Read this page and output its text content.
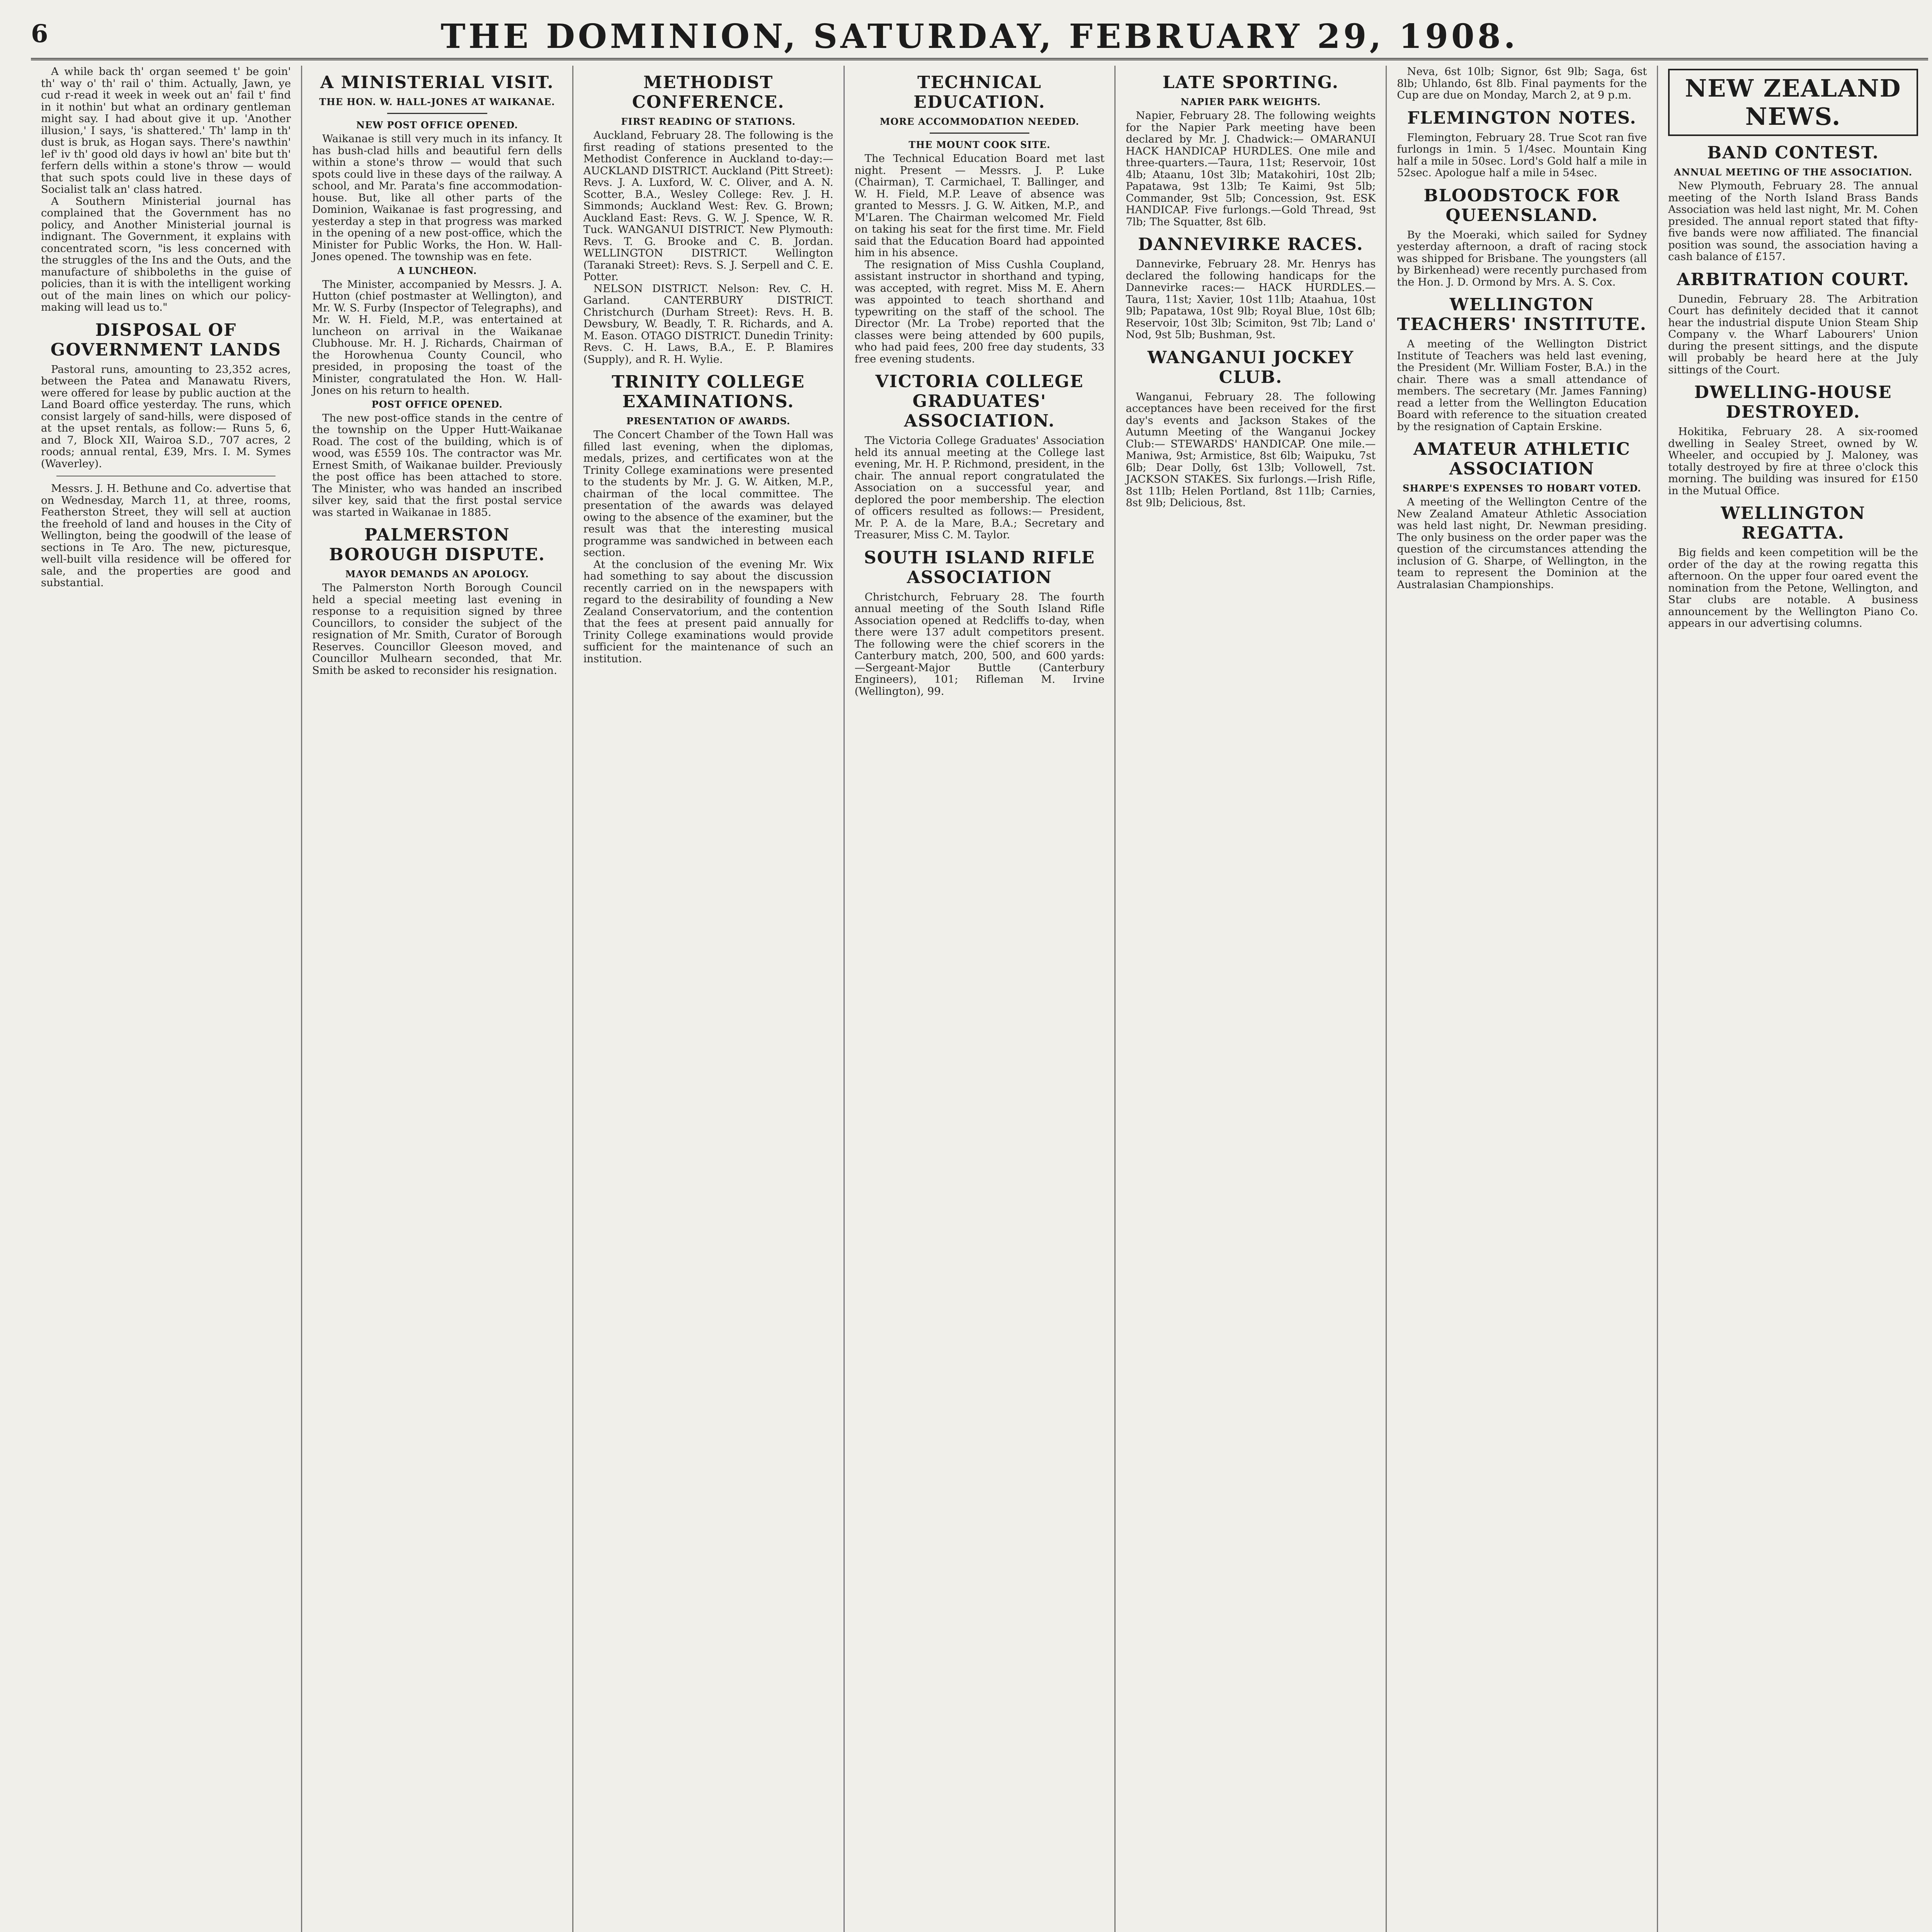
6	THE DOMINION, SATURDAY, FEBRUARY 29, 1908.

A while back th' organ seemed t' be goin' th' way o' th' rail o' thim. Actually, Jawn, ye cud r-read it week in week out an' fail t' find in it nothin' but what an ordinary gentleman might say. I had about give it up. 'Another illusion,' I says, 'is shattered.' Th' lamp in th' dust is bruk, as Hogan says. There's nawthin' lef' iv th' good old days iv howl an' bite but th' ferfern dells within a stone's throw — would that such spots could live in these days of Socialist talk an' class hatred.

A Southern Ministerial journal has complained that the Government has no policy, and Another Ministerial journal is indignant. The Government, it explains with concentrated scorn, "is less concerned with the struggles of the Ins and the Outs, and the manufacture of shibboleths in the guise of policies, than it is with the intelligent working out of the main lines on which our policy-making will lead us to."

DISPOSAL OF GOVERNMENT LANDS

Pastoral runs, amounting to 23,352 acres, between the Patea and Manawatu Rivers, were offered for lease by public auction at the Land Board office yesterday. The runs, which consist largely of sand-hills, were disposed of at the upset rentals, as follow:— Runs 5, 6, and 7, Block XII, Wairoa S.D., 707 acres, 2 roods; annual rental, £39, Mrs. I. M. Symes (Waverley).

Messrs. J. H. Bethune and Co. advertise that on Wednesday, March 11, at three, rooms, Featherston Street, they will sell at auction the freehold of land and houses in the City of Wellington, being the goodwill of the lease of sections in Te Aro. The new, picturesque, well-built villa residence will be offered for sale, and the properties are good and substantial.

A MINISTERIAL VISIT.
THE HON. W. HALL-JONES AT WAIKANAE.
NEW POST OFFICE OPENED.

Waikanae is still very much in its infancy. It has bush-clad hills and beautiful fern dells within a stone's throw — would that such spots could live in these days of the railway. A school, and Mr. Parata's fine accommodation-house. But, like all other parts of the Dominion, Waikanae is fast progressing, and yesterday a step in that progress was marked in the opening of a new post-office, which the Minister for Public Works, the Hon. W. Hall-Jones opened. The township was en fete.

A LUNCHEON.

The Minister, accompanied by Messrs. J. A. Hutton (chief postmaster at Wellington), and Mr. W. S. Furby (Inspector of Telegraphs), and Mr. W. H. Field, M.P., was entertained at luncheon on arrival in the Waikanae Clubhouse. Mr. H. J. Richards, Chairman of the Horowhenua County Council, who presided, in proposing the toast of the Minister, congratulated the Hon. W. Hall-Jones on his return to health.

POST OFFICE OPENED.

The new post-office stands in the centre of the township on the Upper Hutt-Waikanae Road. The cost of the building, which is of wood, was £559 10s. The contractor was Mr. Ernest Smith, of Waikanae builder. Previously the post office has been attached to store. The Minister, who was handed an inscribed silver key, said that the first postal service was started in Waikanae in 1885.

PALMERSTON BOROUGH DISPUTE.
MAYOR DEMANDS AN APOLOGY.

The Palmerston North Borough Council held a special meeting last evening in response to a requisition signed by three Councillors, to consider the subject of the resignation of Mr. Smith, Curator of Borough Reserves. Councillor Gleeson moved, and Councillor Mulhearn seconded, that Mr. Smith be asked to reconsider his resignation.

METHODIST CONFERENCE.
FIRST READING OF STATIONS.

Auckland, February 28. The following is the first reading of stations presented to the Methodist Conference in Auckland to-day:— AUCKLAND DISTRICT. Auckland (Pitt Street): Revs. J. A. Luxford, W. C. Oliver, and A. N. Scotter, B.A., Wesley College: Rev. J. H. Simmonds; Auckland West: Rev. G. Brown; Auckland East: Revs. G. W. J. Spence, W. R. Tuck. WANGANUI DISTRICT. New Plymouth: Revs. T. G. Brooke and C. B. Jordan. WELLINGTON DISTRICT. Wellington (Taranaki Street): Revs. S. J. Serpell and C. E. Potter.

NELSON DISTRICT. Nelson: Rev. C. H. Garland. CANTERBURY DISTRICT. Christchurch (Durham Street): Revs. H. B. Dewsbury, W. Beadly, T. R. Richards, and A. M. Eason. OTAGO DISTRICT. Dunedin Trinity: Revs. C. H. Laws, B.A., E. P. Blamires (Supply), and R. H. Wylie.

TRINITY COLLEGE EXAMINATIONS.
PRESENTATION OF AWARDS.

The Concert Chamber of the Town Hall was filled last evening, when the diplomas, medals, prizes, and certificates won at the Trinity College examinations were presented to the students by Mr. J. G. W. Aitken, M.P., chairman of the local committee. The presentation of the awards was delayed owing to the absence of the examiner, but the result was that the interesting musical programme was sandwiched in between each section.

At the conclusion of the evening Mr. Wix had something to say about the discussion recently carried on in the newspapers with regard to the desirability of founding a New Zealand Conservatorium, and the contention that the fees at present paid annually for Trinity College examinations would provide sufficient for the maintenance of such an institution.

TECHNICAL EDUCATION.
MORE ACCOMMODATION NEEDED.
THE MOUNT COOK SITE.

The Technical Education Board met last night. Present — Messrs. J. P. Luke (Chairman), T. Carmichael, T. Ballinger, and W. H. Field, M.P. Leave of absence was granted to Messrs. J. G. W. Aitken, M.P., and M'Laren. The Chairman welcomed Mr. Field on taking his seat for the first time. Mr. Field said that the Education Board had appointed him in his absence.

The resignation of Miss Cushla Coupland, assistant instructor in shorthand and typing, was accepted, with regret. Miss M. E. Ahern was appointed to teach shorthand and typewriting on the staff of the school. The Director (Mr. La Trobe) reported that the classes were being attended by 600 pupils, who had paid fees, 200 free day students, 33 free evening students.

VICTORIA COLLEGE GRADUATES' ASSOCIATION.

The Victoria College Graduates' Association held its annual meeting at the College last evening, Mr. H. P. Richmond, president, in the chair. The annual report congratulated the Association on a successful year, and deplored the poor membership. The election of officers resulted as follows:— President, Mr. P. A. de la Mare, B.A.; Secretary and Treasurer, Miss C. M. Taylor.

SOUTH ISLAND RIFLE ASSOCIATION

Christchurch, February 28. The fourth annual meeting of the South Island Rifle Association opened at Redcliffs to-day, when there were 137 adult competitors present. The following were the chief scorers in the Canterbury match, 200, 500, and 600 yards:—Sergeant-Major Buttle (Canterbury Engineers), 101; Rifleman M. Irvine (Wellington), 99.

LATE SPORTING.
NAPIER PARK WEIGHTS.

Napier, February 28. The following weights for the Napier Park meeting have been declared by Mr. J. Chadwick:— OMARANUI HACK HANDICAP HURDLES. One mile and three-quarters.—Taura, 11st; Reservoir, 10st 4lb; Ataanu, 10st 3lb; Matakohiri, 10st 2lb; Papatawa, 9st 13lb; Te Kaimi, 9st 5lb; Commander, 9st 5lb; Concession, 9st. ESK HANDICAP. Five furlongs.—Gold Thread, 9st 7lb; The Squatter, 8st 6lb.

DANNEVIRKE RACES.

Dannevirke, February 28. Mr. Henrys has declared the following handicaps for the Dannevirke races:— HACK HURDLES.—Taura, 11st; Xavier, 10st 11lb; Ataahua, 10st 9lb; Papatawa, 10st 9lb; Royal Blue, 10st 6lb; Reservoir, 10st 3lb; Scimiton, 9st 7lb; Land o' Nod, 9st 5lb; Bushman, 9st.

WANGANUI JOCKEY CLUB.

Wanganui, February 28. The following acceptances have been received for the first day's events and Jackson Stakes of the Autumn Meeting of the Wanganui Jockey Club:— STEWARDS' HANDICAP. One mile.—Maniwa, 9st; Armistice, 8st 6lb; Waipuku, 7st 6lb; Dear Dolly, 6st 13lb; Vollowell, 7st. JACKSON STAKES. Six furlongs.—Irish Rifle, 8st 11lb; Helen Portland, 8st 11lb; Carnies, 8st 9lb; Delicious, 8st.

Neva, 6st 10lb; Signor, 6st 9lb; Saga, 6st 8lb; Uhlando, 6st 8lb. Final payments for the Cup are due on Monday, March 2, at 9 p.m.

FLEMINGTON NOTES.

Flemington, February 28. True Scot ran five furlongs in 1min. 5 1/4sec. Mountain King half a mile in 50sec. Lord's Gold half a mile in 52sec. Apologue half a mile in 54sec.

BLOODSTOCK FOR QUEENSLAND.

By the Moeraki, which sailed for Sydney yesterday afternoon, a draft of racing stock was shipped for Brisbane. The youngsters (all by Birkenhead) were recently purchased from the Hon. J. D. Ormond by Mrs. A. S. Cox.

WELLINGTON TEACHERS' INSTITUTE.

A meeting of the Wellington District Institute of Teachers was held last evening, the President (Mr. William Foster, B.A.) in the chair. There was a small attendance of members. The secretary (Mr. James Fanning) read a letter from the Wellington Education Board with reference to the situation created by the resignation of Captain Erskine.

AMATEUR ATHLETIC ASSOCIATION
SHARPE'S EXPENSES TO HOBART VOTED.

A meeting of the Wellington Centre of the New Zealand Amateur Athletic Association was held last night, Dr. Newman presiding. The only business on the order paper was the question of the circumstances attending the inclusion of G. Sharpe, of Wellington, in the team to represent the Dominion at the Australasian Championships.

NEW ZEALAND NEWS.
BAND CONTEST.
ANNUAL MEETING OF THE ASSOCIATION.

New Plymouth, February 28. The annual meeting of the North Island Brass Bands Association was held last night, Mr. M. Cohen presided. The annual report stated that fifty-five bands were now affiliated. The financial position was sound, the association having a cash balance of £157.

ARBITRATION COURT.

Dunedin, February 28. The Arbitration Court has definitely decided that it cannot hear the industrial dispute Union Steam Ship Company v. the Wharf Labourers' Union during the present sittings, and the dispute will probably be heard here at the July sittings of the Court.

DWELLING-HOUSE DESTROYED.

Hokitika, February 28. A six-roomed dwelling in Sealey Street, owned by W. Wheeler, and occupied by J. Maloney, was totally destroyed by fire at three o'clock this morning. The building was insured for £150 in the Mutual Office.

WELLINGTON REGATTA.

Big fields and keen competition will be the order of the day at the rowing regatta this afternoon. On the upper four oared event the nomination from the Petone, Wellington, and Star clubs are notable. A business announcement by the Wellington Piano Co. appears in our advertising columns.
